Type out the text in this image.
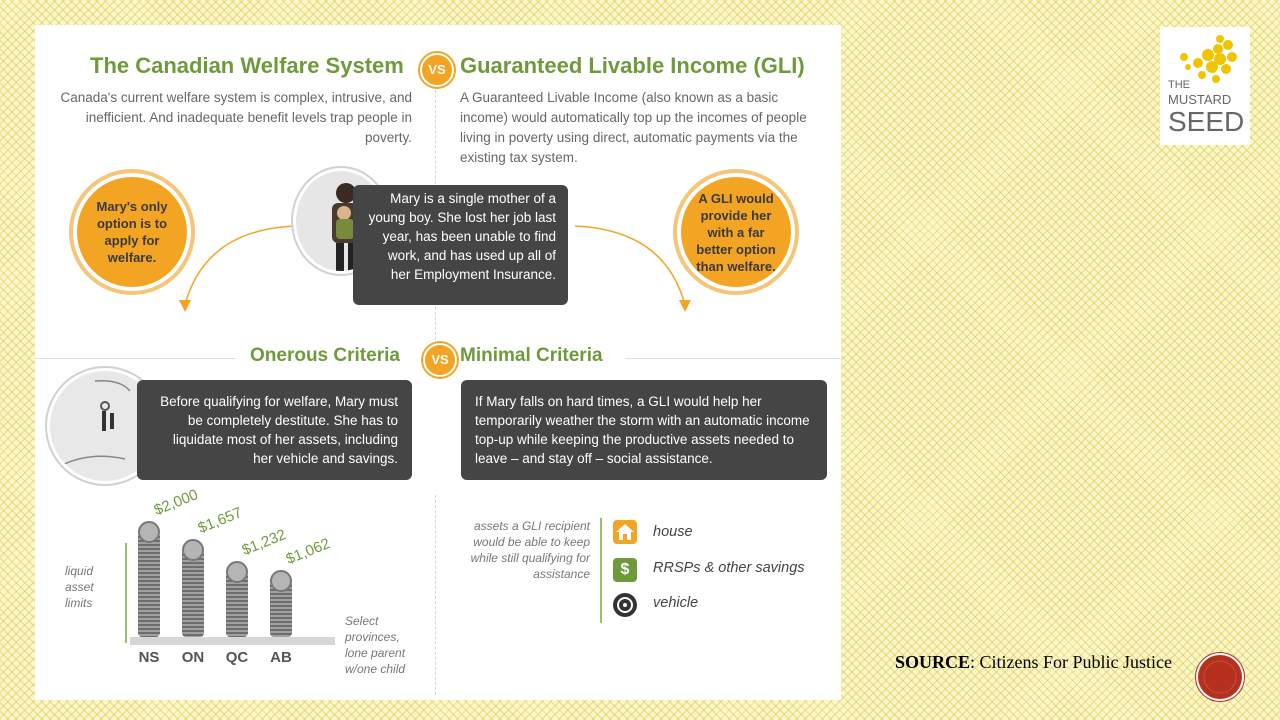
The Canadian Welfare System	VS Guaranteed Livable Income (GLI)
Canada's current welfare system is complex, intrusive, and inefficient. And inadequate benefit levels trap people in poverty.
A Guaranteed Livable Income (also known as a basic income) would automatically top up the incomes of people living in poverty using direct, automatic payments via the existing tax system.
Mary's only option is to apply for welfare.
A GLI would provide her with a far better option than welfare.
Mary is a single mother of a young boy. She lost her job last year, has been unable to find work, and has used up all of her Employment Insurance.
Onerous Criteria	VS Minimal Criteria
Before qualifying for welfare, Mary must be completely destitute. She has to liquidate most of her assets, including her vehicle and savings.
If Mary falls on hard times, a GLI would help her temporarily weather the storm with an automatic income top-up while keeping the productive assets needed to leave – and stay off – social assistance.
liquid asset limits
$2,000
NS
$1,657
ON
$1,232
QC
$1,062
AB
Select provinces, lone parent w/one child
assets a GLI recipient would be able to keep while still qualifying for assistance
house
$	RRSPs & other savings
vehicle
THE
MUSTARD
SEED
SOURCE: Citizens For Public Justice
